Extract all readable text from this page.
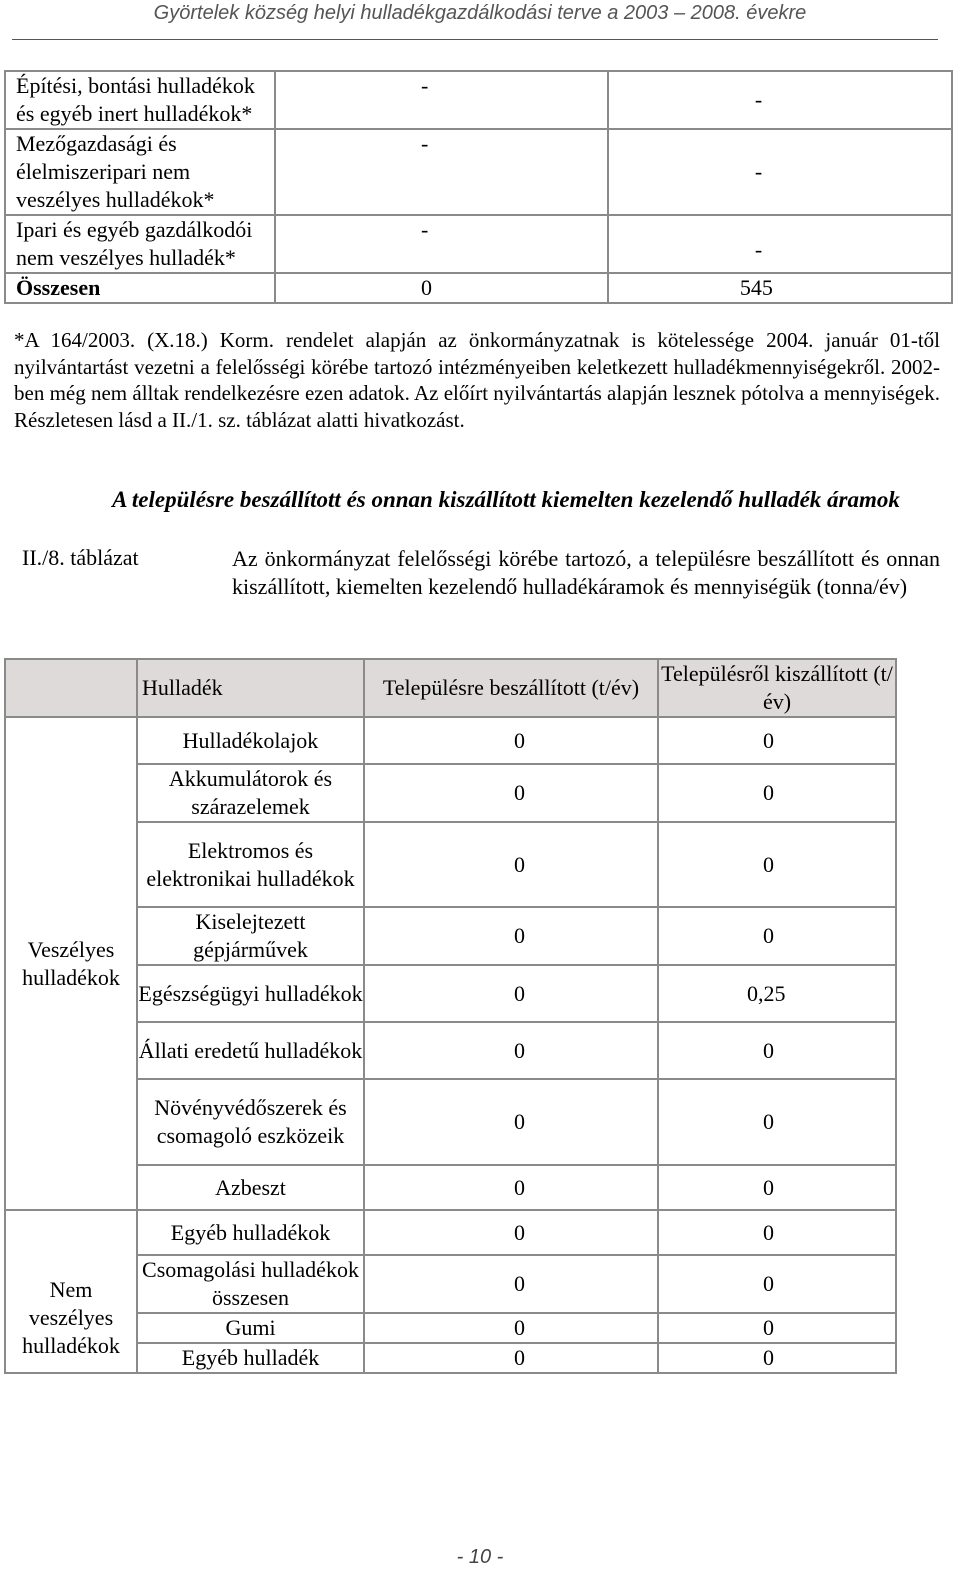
Györtelek község helyi hulladékgazdálkodási terve a 2003 – 2008. évekre
Építési, bontási hulladékok és egyéb inert hulladékok*	-	-
Mezőgazdasági és élelmiszeripari nem veszélyes hulladékok*	-	-
Ipari és egyéb gazdálkodói nem veszélyes hulladék*	-	-
Összesen	0	545
*A 164/2003. (X.18.) Korm. rendelet alapján az önkormányzatnak is kötelessége 2004. január 01-től nyilvántartást vezetni a felelősségi körébe tartozó intézményeiben keletkezett hulladékmennyiségekről. 2002-ben még nem álltak rendelkezésre ezen adatok. Az előírt nyilvántartás alapján lesznek pótolva a mennyiségek. Részletesen lásd a II./1. sz. táblázat alatti hivatkozást.
A településre beszállított és onnan kiszállított kiemelten kezelendő hulladék áramok
II./8. táblázat	Az önkormányzat felelősségi körébe tartozó, a településre beszállított és onnan kiszállított, kiemelten kezelendő hulladékáramok és mennyiségük (tonna/év)
	Hulladék	Településre beszállított (t/év)	Településről kiszállított (t/év)
Veszélyes hulladékok	Hulladékolajok	0	0
	Akkumulátorok és szárazelemek	0	0
	Elektromos és elektronikai hulladékok	0	0
	Kiselejtezett gépjárművek	0	0
	Egészségügyi hulladékok	0	0,25
	Állati eredetű hulladékok	0	0
	Növényvédőszerek és csomagoló eszközeik	0	0
	Azbeszt	0	0
Nem veszélyes hulladékok	Egyéb hulladékok	0	0
	Csomagolási hulladékok összesen	0	0
	Gumi	0	0
	Egyéb hulladék	0	0
- 10 -
